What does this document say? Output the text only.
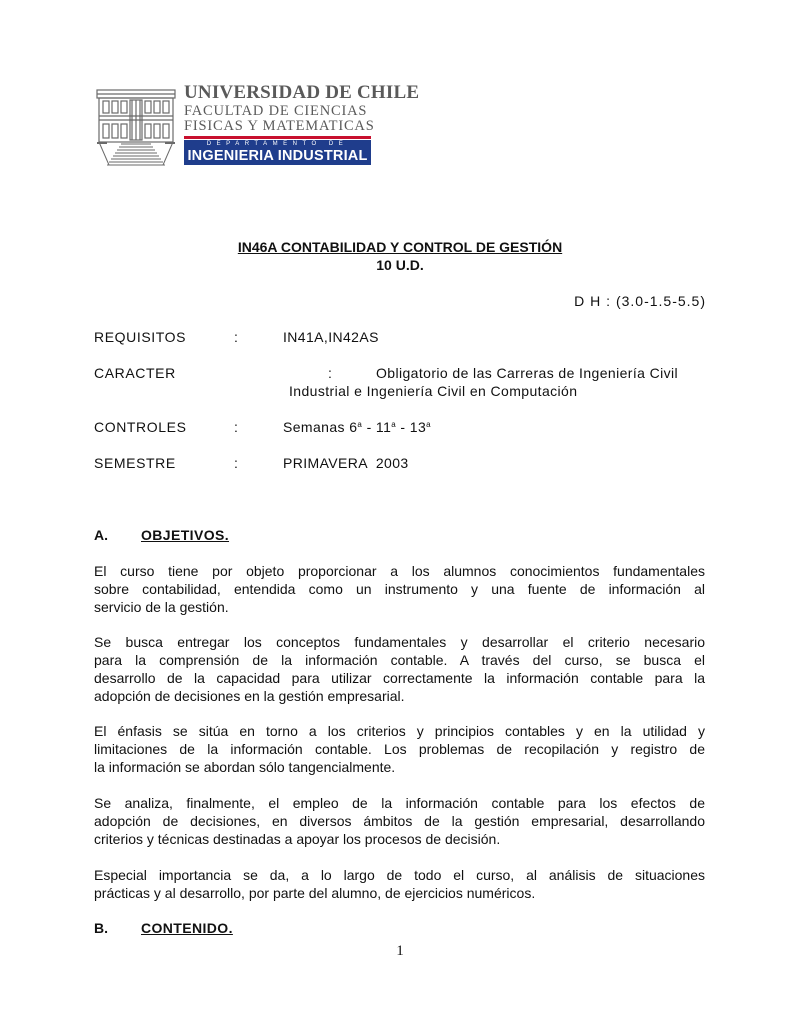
UNIVERSIDAD DE CHILE
FACULTAD DE CIENCIAS
FISICAS Y MATEMATICAS
DEPARTAMENTO DE
INGENIERIA INDUSTRIAL
IN46A CONTABILIDAD Y CONTROL DE GESTIÓN
10 U.D.
D H : (3.0-1.5-5.5)
REQUISITOS	:	IN41A,IN42AS
CARACTER	:	Obligatorio de las Carreras de Ingeniería Civil
Industrial e Ingeniería Civil en Computación
CONTROLES	:	Semanas 6$^a$ - 11$^a$ - 13$^a$
SEMESTRE	:	PRIMAVERA  2003
A. OBJETIVOS.
El curso tiene por objeto proporcionar a los alumnos conocimientos fundamentales
sobre contabilidad, entendida como un instrumento y una fuente de información al
servicio de la gestión.
Se busca entregar los conceptos fundamentales y desarrollar el criterio necesario
para la comprensión de la información contable. A través del curso, se busca el
desarrollo de la capacidad para utilizar correctamente la información contable para la
adopción de decisiones en la gestión empresarial.
El énfasis se sitúa en torno a los criterios y principios contables y en la utilidad y
limitaciones de la información contable. Los problemas de recopilación y registro de
la información se abordan sólo tangencialmente.
Se analiza, finalmente, el empleo de la información contable para los efectos de
adopción de decisiones, en diversos ámbitos de la gestión empresarial, desarrollando
criterios y técnicas destinadas a apoyar los procesos de decisión.
Especial importancia se da, a lo largo de todo el curso, al análisis de situaciones
prácticas y al desarrollo, por parte del alumno, de ejercicios numéricos.
B. CONTENIDO.
1
